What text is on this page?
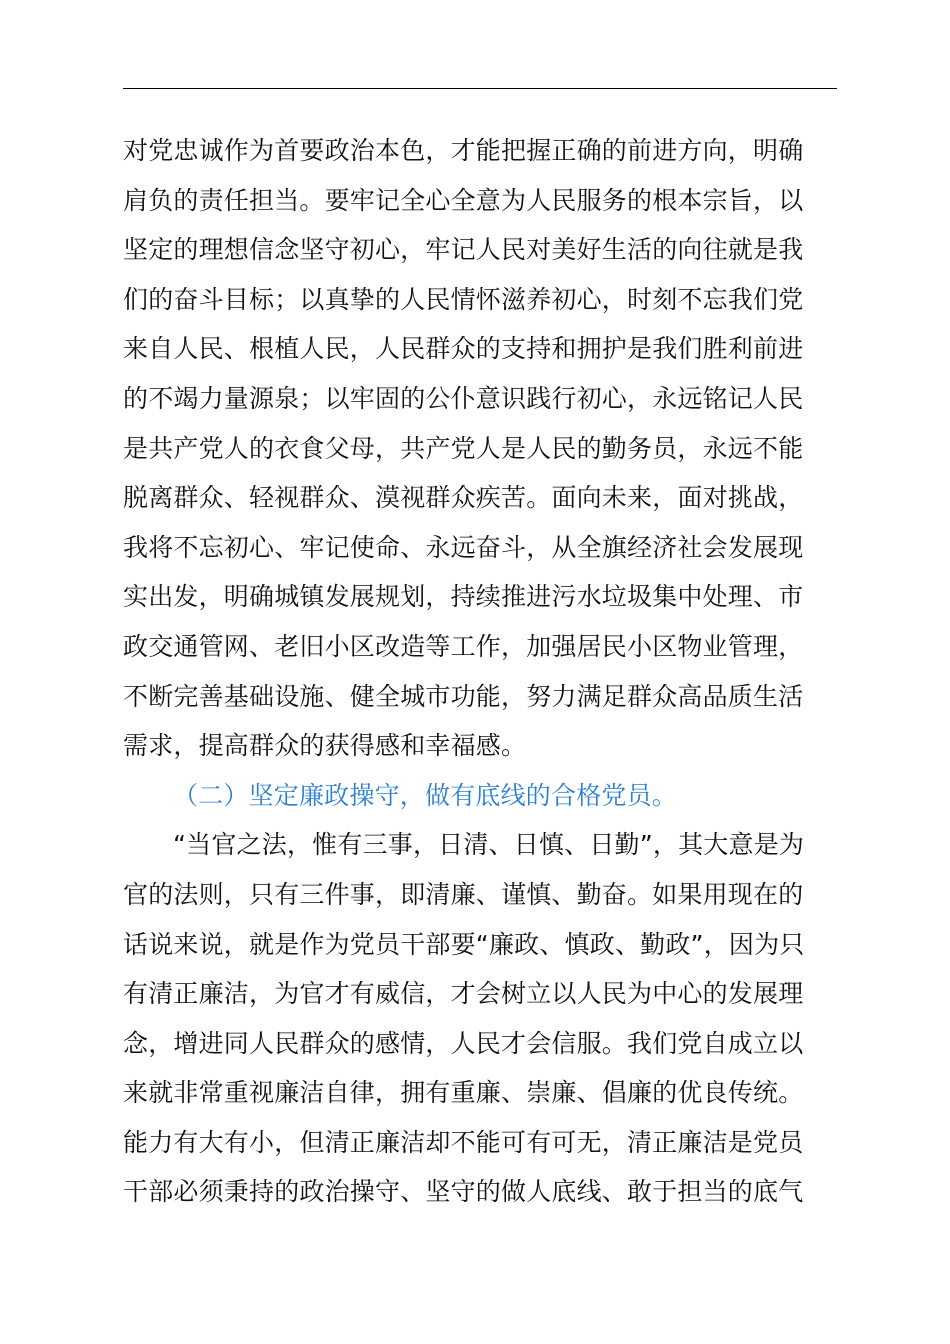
对党忠诚作为首要政治本色，才能把握正确的前进方向，明确
肩负的责任担当。要牢记全心全意为人民服务的根本宗旨，以
坚定的理想信念坚守初心，牢记人民对美好生活的向往就是我
们的奋斗目标；以真挚的人民情怀滋养初心，时刻不忘我们党
来自人民、根植人民，人民群众的支持和拥护是我们胜利前进
的不竭力量源泉；以牢固的公仆意识践行初心，永远铭记人民
是共产党人的衣食父母，共产党人是人民的勤务员，永远不能
脱离群众、轻视群众、漠视群众疾苦。面向未来，面对挑战，
我将不忘初心、牢记使命、永远奋斗，从全旗经济社会发展现
实出发，明确城镇发展规划，持续推进污水垃圾集中处理、市
政交通管网、老旧小区改造等工作，加强居民小区物业管理，
不断完善基础设施、健全城市功能，努力满足群众高品质生活
需求，提高群众的获得感和幸福感。
（二）坚定廉政操守，做有底线的合格党员。
“当官之法，惟有三事，日清、日慎、日勤”，其大意是为
官的法则，只有三件事，即清廉、谨慎、勤奋。如果用现在的
话说来说，就是作为党员干部要“廉政、慎政、勤政”，因为只
有清正廉洁，为官才有威信，才会树立以人民为中心的发展理
念，增进同人民群众的感情，人民才会信服。我们党自成立以
来就非常重视廉洁自律，拥有重廉、崇廉、倡廉的优良传统。
能力有大有小，但清正廉洁却不能可有可无，清正廉洁是党员
干部必须秉持的政治操守、坚守的做人底线、敢于担当的底气
